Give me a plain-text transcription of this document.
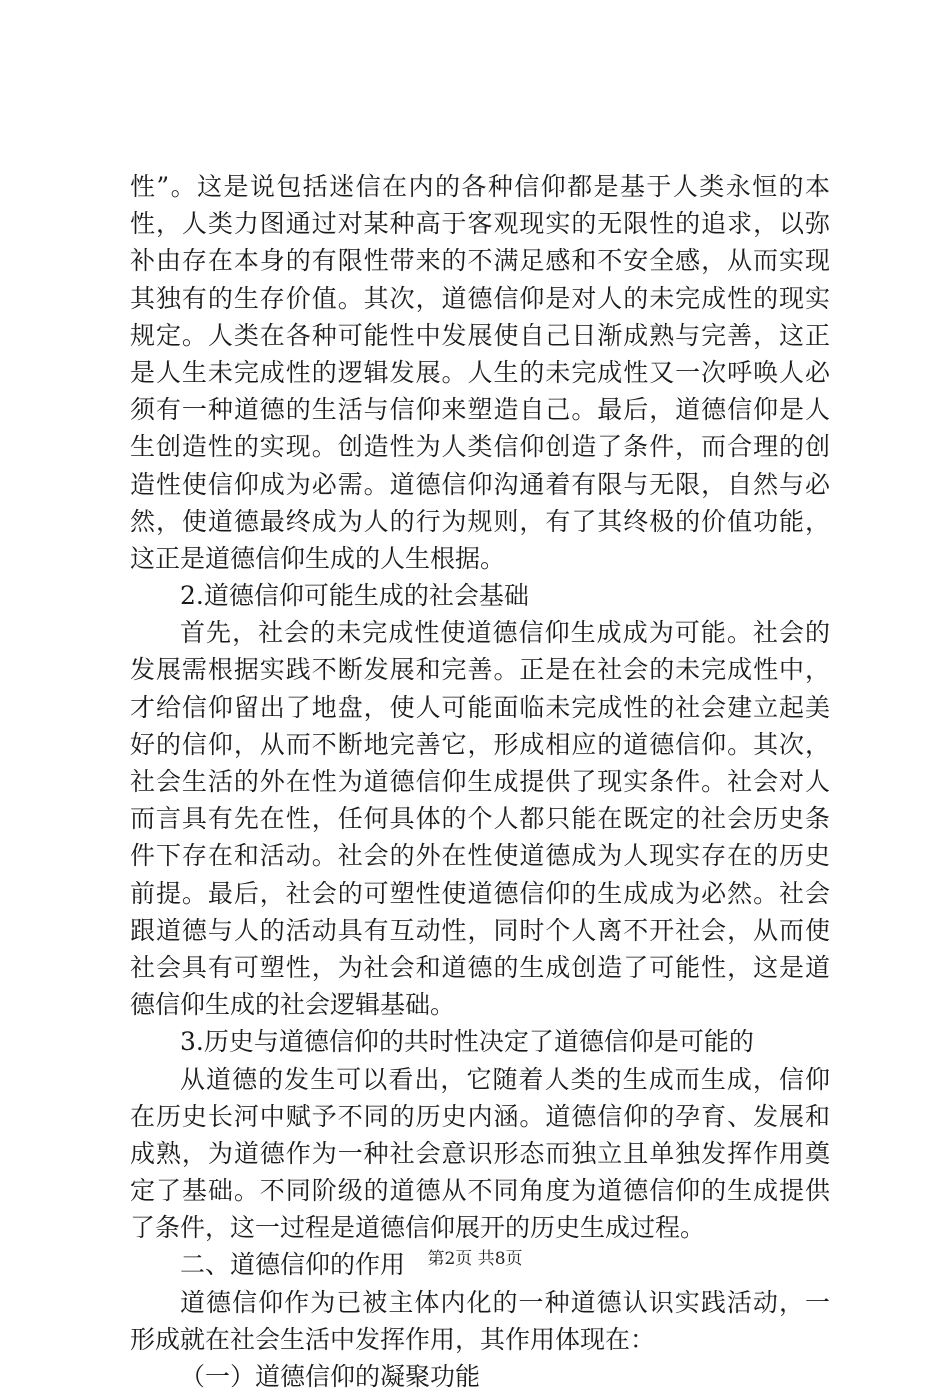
性”。这是说包括迷信在内的各种信仰都是基于人类永恒的本
性，人类力图通过对某种高于客观现实的无限性的追求，以弥
补由存在本身的有限性带来的不满足感和不安全感，从而实现
其独有的生存价值。其次，道德信仰是对人的未完成性的现实
规定。人类在各种可能性中发展使自己日渐成熟与完善，这正
是人生未完成性的逻辑发展。人生的未完成性又一次呼唤人必
须有一种道德的生活与信仰来塑造自己。最后，道德信仰是人
生创造性的实现。创造性为人类信仰创造了条件，而合理的创
造性使信仰成为必需。道德信仰沟通着有限与无限，自然与必
然，使道德最终成为人的行为规则，有了其终极的价值功能，
这正是道德信仰生成的人生根据。
2.道德信仰可能生成的社会基础
首先，社会的未完成性使道德信仰生成成为可能。社会的
发展需根据实践不断发展和完善。正是在社会的未完成性中，
才给信仰留出了地盘，使人可能面临未完成性的社会建立起美
好的信仰，从而不断地完善它，形成相应的道德信仰。其次，
社会生活的外在性为道德信仰生成提供了现实条件。社会对人
而言具有先在性，任何具体的个人都只能在既定的社会历史条
件下存在和活动。社会的外在性使道德成为人现实存在的历史
前提。最后，社会的可塑性使道德信仰的生成成为必然。社会
跟道德与人的活动具有互动性，同时个人离不开社会，从而使
社会具有可塑性，为社会和道德的生成创造了可能性，这是道
德信仰生成的社会逻辑基础。
3.历史与道德信仰的共时性决定了道德信仰是可能的
从道德的发生可以看出，它随着人类的生成而生成，信仰
在历史长河中赋予不同的历史内涵。道德信仰的孕育、发展和
成熟，为道德作为一种社会意识形态而独立且单独发挥作用奠
定了基础。不同阶级的道德从不同角度为道德信仰的生成提供
了条件，这一过程是道德信仰展开的历史生成过程。
二、道德信仰的作用
道德信仰作为已被主体内化的一种道德认识实践活动，一
形成就在社会生活中发挥作用，其作用体现在：
（一）道德信仰的凝聚功能
第2页 共8页
